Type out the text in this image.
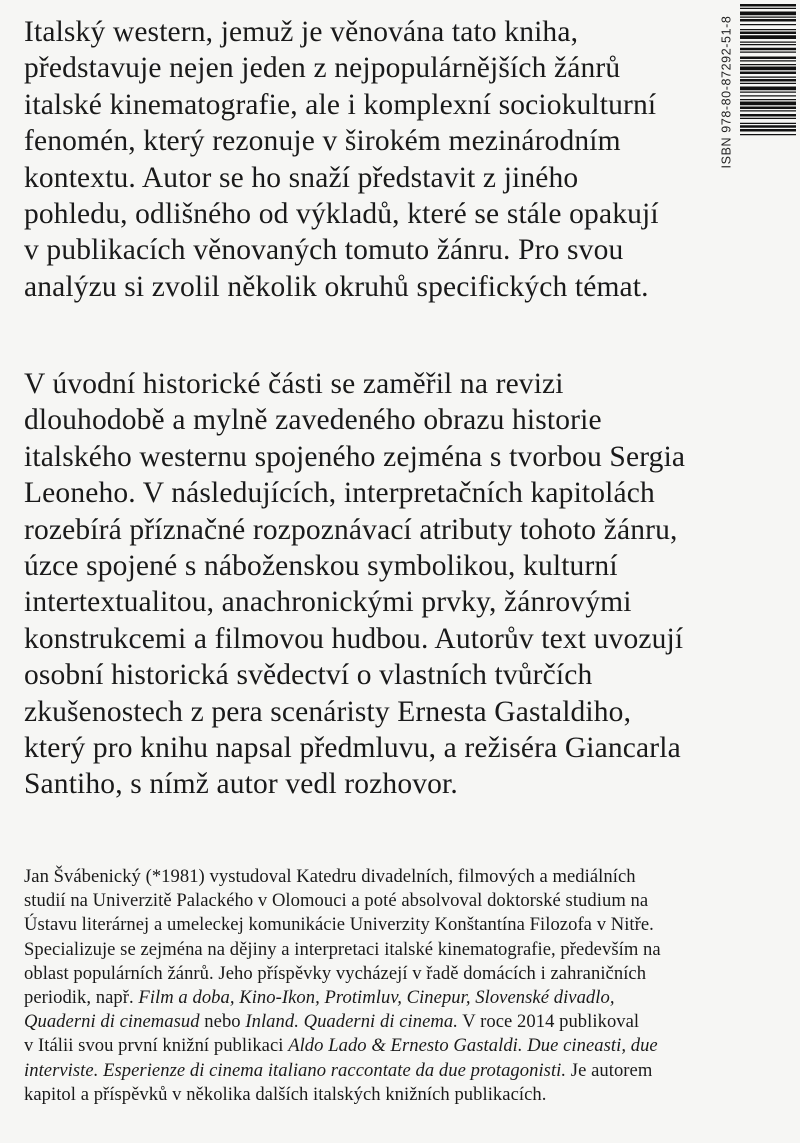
Italský western, jemuž je věnována tato kniha,
představuje nejen jeden z nejpopulárnějších žánrů
italské kinematografie, ale i komplexní sociokulturní
fenomén, který rezonuje v širokém mezinárodním
kontextu. Autor se ho snaží představit z jiného
pohledu, odlišného od výkladů, které se stále opakují
v publikacích věnovaných tomuto žánru. Pro svou
analýzu si zvolil několik okruhů specifických témat.
V úvodní historické části se zaměřil na revizi
dlouhodobě a mylně zavedeného obrazu historie
italského westernu spojeného zejména s tvorbou Sergia
Leoneho. V následujících, interpretačních kapitolách
rozebírá příznačné rozpoznávací atributy tohoto žánru,
úzce spojené s náboženskou symbolikou, kulturní
intertextualitou, anachronickými prvky, žánrovými
konstrukcemi a filmovou hudbou. Autorův text uvozují
osobní historická svědectví o vlastních tvůrčích
zkušenostech z pera scenáristy Ernesta Gastaldiho,
který pro knihu napsal předmluvu, a režiséra Giancarla
Santiho, s nímž autor vedl rozhovor.
Jan Švábenický (*1981) vystudoval Katedru divadelních, filmových a mediálních
studií na Univerzitě Palackého v Olomouci a poté absolvoval doktorské studium na
Ústavu literárnej a umeleckej komunikácie Univerzity Konštantína Filozofa v Nitře.
Specializuje se zejména na dějiny a interpretaci italské kinematografie, především na
oblast populárních žánrů. Jeho příspěvky vycházejí v řadě domácích i zahraničních
periodik, např. Film a doba, Kino-Ikon, Protimluv, Cinepur, Slovenské divadlo,
Quaderni di cinemasud nebo Inland. Quaderni di cinema. V roce 2014 publikoval
v Itálii svou první knižní publikaci Aldo Lado & Ernesto Gastaldi. Due cineasti, due
interviste. Esperienze di cinema italiano raccontate da due protagonisti. Je autorem
kapitol a příspěvků v několika dalších italských knižních publikacích.
ISBN 978-80-87292-51-8
